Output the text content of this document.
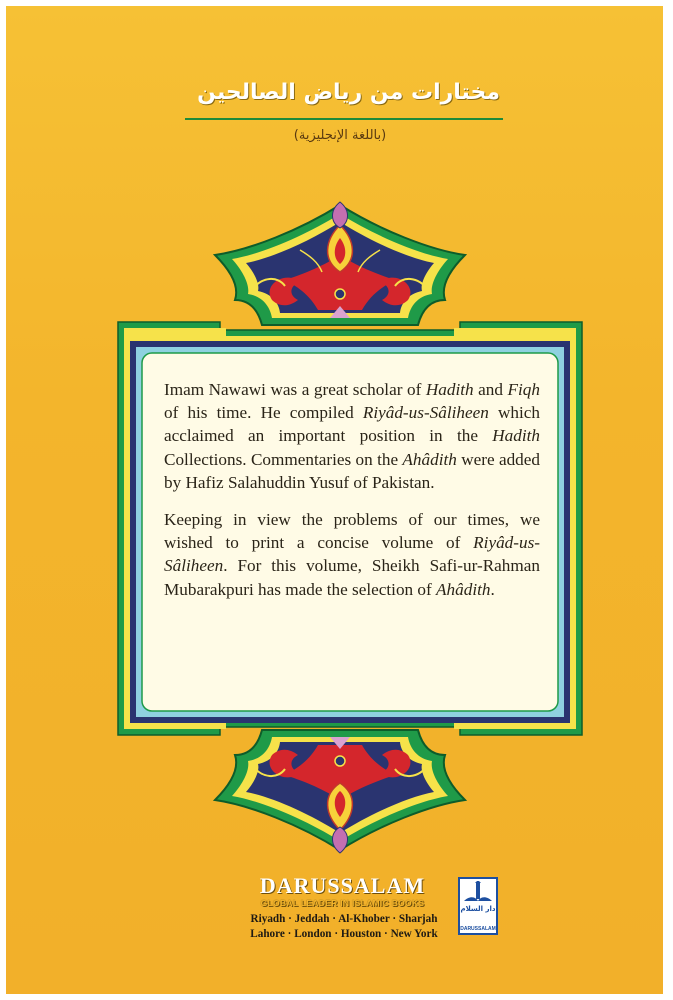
مختارات من رياض الصالحين
(باللغة الإنجليزية)

Imam Nawawi was a great scholar of Hadith and Fiqh of his time. He compiled Riyâd-us-Sâliheen which acclaimed an important position in the Hadith Collections. Commentaries on the Ahâdith were added by Hafiz Salahuddin Yusuf of Pakistan.

Keeping in view the problems of our times, we wished to print a concise volume of Riyâd-us-Sâliheen. For this volume, Sheikh Safi-ur-Rahman Mubarakpuri has made the selection of Ahâdith.

DARUSSALAM
GLOBAL LEADER IN ISLAMIC BOOKS
Riyadh · Jeddah · Al-Khober · Sharjah
Lahore · London · Houston · New York
دار السلام
DARUSSALAM
